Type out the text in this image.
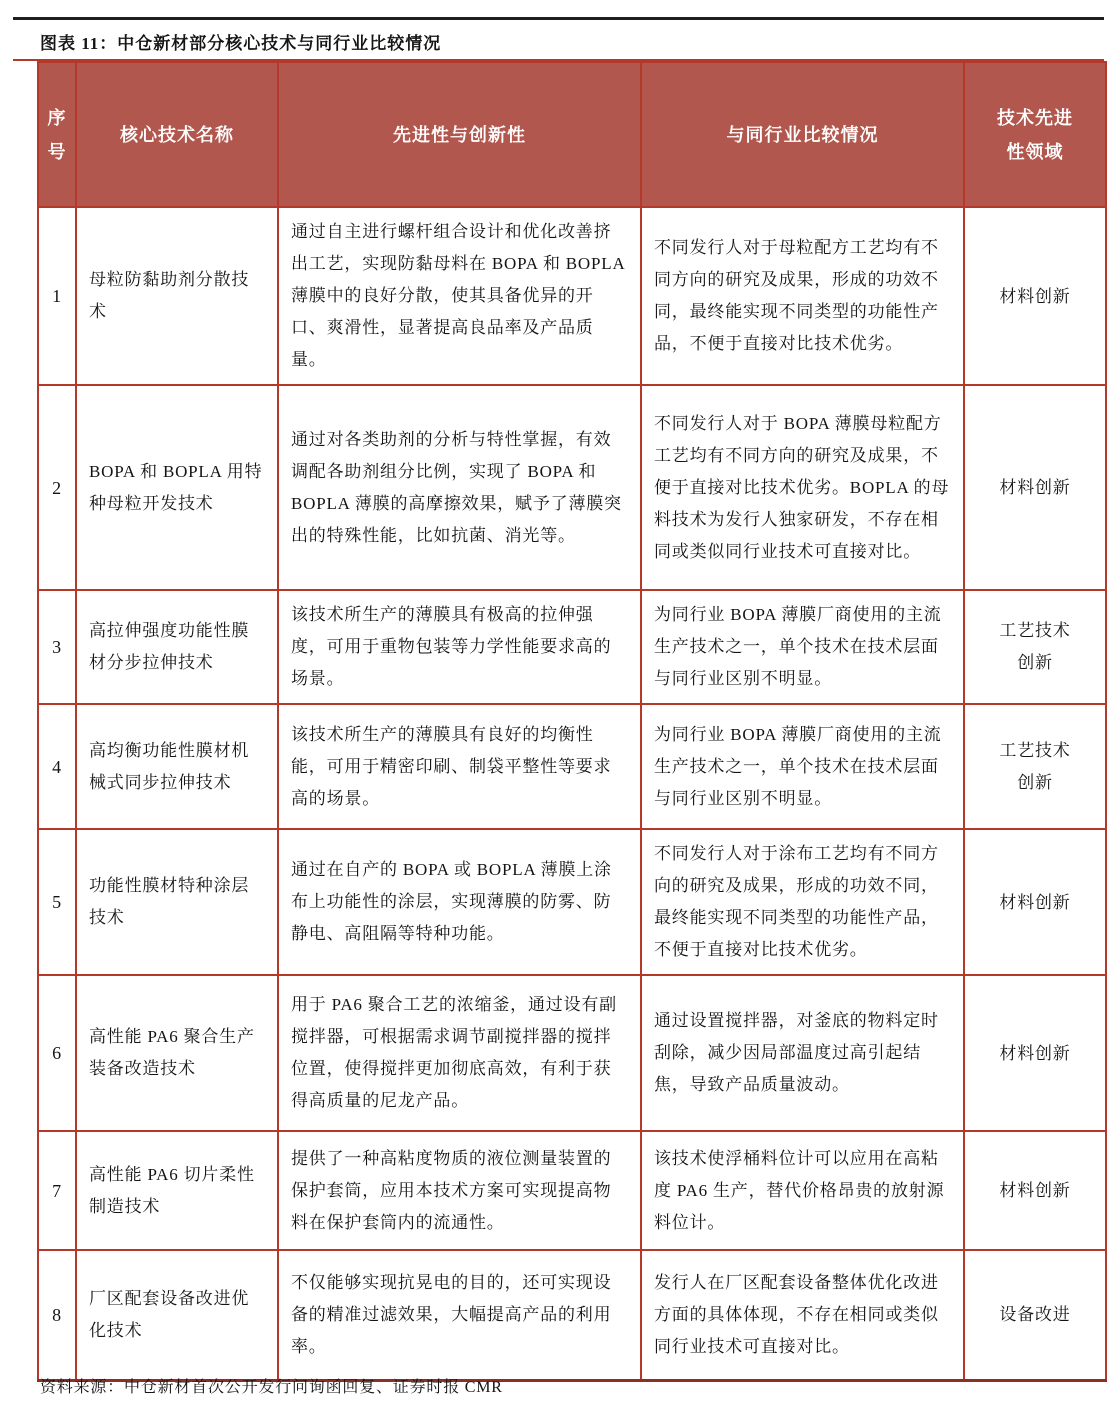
图表 11：中仓新材部分核心技术与同行业比较情况
序号	核心技术名称	先进性与创新性	与同行业比较情况	技术先进性领域
1	母粒防黏助剂分散技术	通过自主进行螺杆组合设计和优化改善挤出工艺，实现防黏母料在 BOPA 和 BOPLA 薄膜中的良好分散，使其具备优异的开口、爽滑性，显著提高良品率及产品质量。	不同发行人对于母粒配方工艺均有不同方向的研究及成果，形成的功效不同，最终能实现不同类型的功能性产品，不便于直接对比技术优劣。	材料创新
2	BOPA 和 BOPLA 用特种母粒开发技术	通过对各类助剂的分析与特性掌握，有效调配各助剂组分比例，实现了 BOPA 和 BOPLA 薄膜的高摩擦效果，赋予了薄膜突出的特殊性能，比如抗菌、消光等。	不同发行人对于 BOPA 薄膜母粒配方工艺均有不同方向的研究及成果，不便于直接对比技术优劣。BOPLA 的母料技术为发行人独家研发，不存在相同或类似同行业技术可直接对比。	材料创新
3	高拉伸强度功能性膜材分步拉伸技术	该技术所生产的薄膜具有极高的拉伸强度，可用于重物包装等力学性能要求高的场景。	为同行业 BOPA 薄膜厂商使用的主流生产技术之一，单个技术在技术层面与同行业区别不明显。	工艺技术创新
4	高均衡功能性膜材机械式同步拉伸技术	该技术所生产的薄膜具有良好的均衡性能，可用于精密印刷、制袋平整性等要求高的场景。	为同行业 BOPA 薄膜厂商使用的主流生产技术之一，单个技术在技术层面与同行业区别不明显。	工艺技术创新
5	功能性膜材特种涂层技术	通过在自产的 BOPA 或 BOPLA 薄膜上涂布上功能性的涂层，实现薄膜的防雾、防静电、高阻隔等特种功能。	不同发行人对于涂布工艺均有不同方向的研究及成果，形成的功效不同，最终能实现不同类型的功能性产品，不便于直接对比技术优劣。	材料创新
6	高性能 PA6 聚合生产装备改造技术	用于 PA6 聚合工艺的浓缩釜，通过设有副搅拌器，可根据需求调节副搅拌器的搅拌位置，使得搅拌更加彻底高效，有利于获得高质量的尼龙产品。	通过设置搅拌器，对釜底的物料定时刮除，减少因局部温度过高引起结焦，导致产品质量波动。	材料创新
7	高性能 PA6 切片柔性制造技术	提供了一种高粘度物质的液位测量装置的保护套筒，应用本技术方案可实现提高物料在保护套筒内的流通性。	该技术使浮桶料位计可以应用在高粘度 PA6 生产，替代价格昂贵的放射源料位计。	材料创新
8	厂区配套设备改进优化技术	不仅能够实现抗晃电的目的，还可实现设备的精准过滤效果，大幅提高产品的利用率。	发行人在厂区配套设备整体优化改进方面的具体体现，不存在相同或类似同行业技术可直接对比。	设备改进
资料来源：中仓新材首次公开发行问询函回复、证券时报 CMR
